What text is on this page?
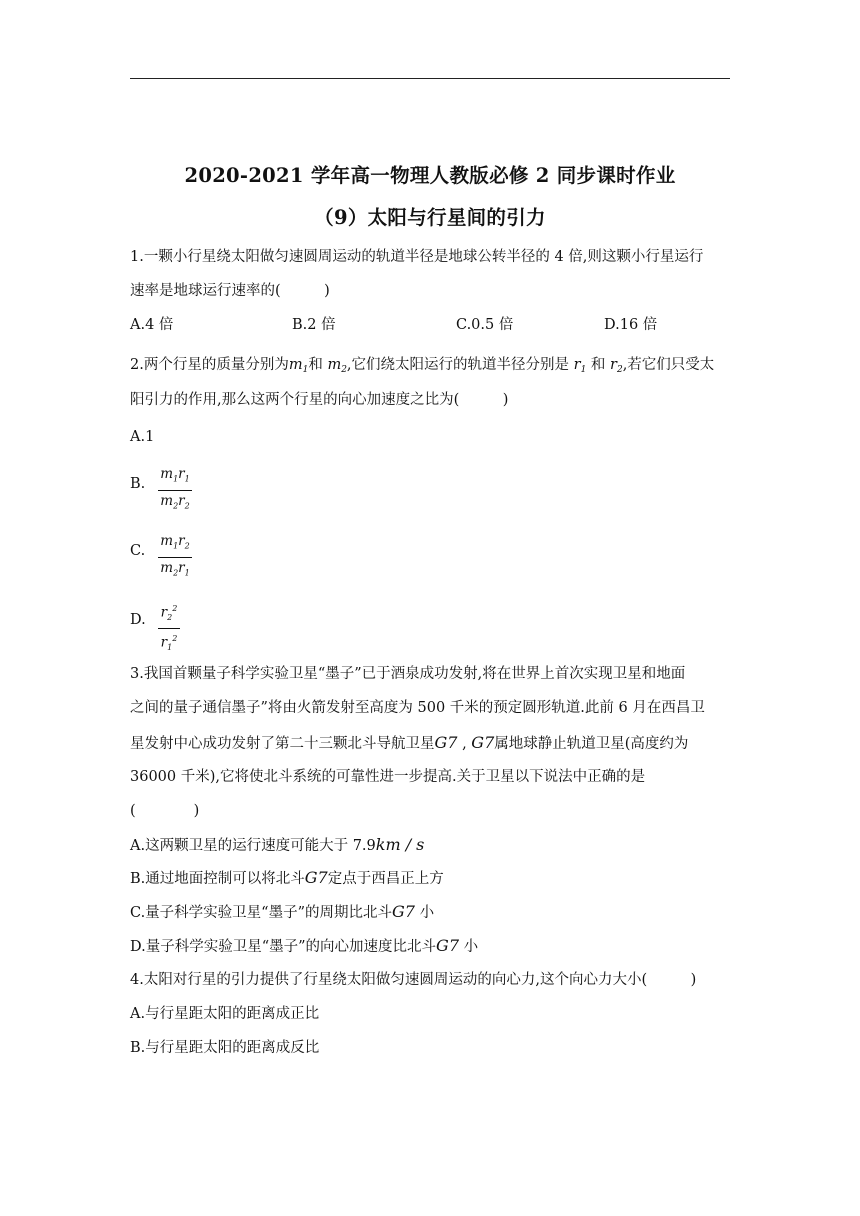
2020-2021 学年高一物理人教版必修 2 同步课时作业
（9）太阳与行星间的引力
1.一颗小行星绕太阳做匀速圆周运动的轨道半径是地球公转半径的 4 倍,则这颗小行星运行
速率是地球运行速率的(　　　)
A.4 倍	B.2 倍	C.0.5 倍	D.16 倍
2.两个行星的质量分别为$m_1$和 $m_2$,它们绕太阳运行的轨道半径分别是 $r_1$ 和 $r_2$,若它们只受太
阳引力的作用,那么这两个行星的向心加速度之比为(　　　)
A.1
B. $\frac{m_1r_1}{m_2r_2}$
C. $\frac{m_1r_2}{m_2r_1}$
D. $\frac{r_2^2}{r_1^2}$
3.我国首颗量子科学实验卫星“墨子”已于酒泉成功发射,将在世界上首次实现卫星和地面
之间的量子通信墨子”将由火箭发射至高度为 500 千米的预定圆形轨道.此前 6 月在西昌卫
星发射中心成功发射了第二十三颗北斗导航卫星G7 , G7属地球静止轨道卫星(高度约为
36000 千米),它将使北斗系统的可靠性进一步提高.关于卫星以下说法中正确的是
(　　　　)
A.这两颗卫星的运行速度可能大于 7.9km / s
B.通过地面控制可以将北斗G7定点于西昌正上方
C.量子科学实验卫星“墨子”的周期比北斗G7 小
D.量子科学实验卫星“墨子”的向心加速度比北斗G7 小
4.太阳对行星的引力提供了行星绕太阳做匀速圆周运动的向心力,这个向心力大小(　　　)
A.与行星距太阳的距离成正比
B.与行星距太阳的距离成反比
